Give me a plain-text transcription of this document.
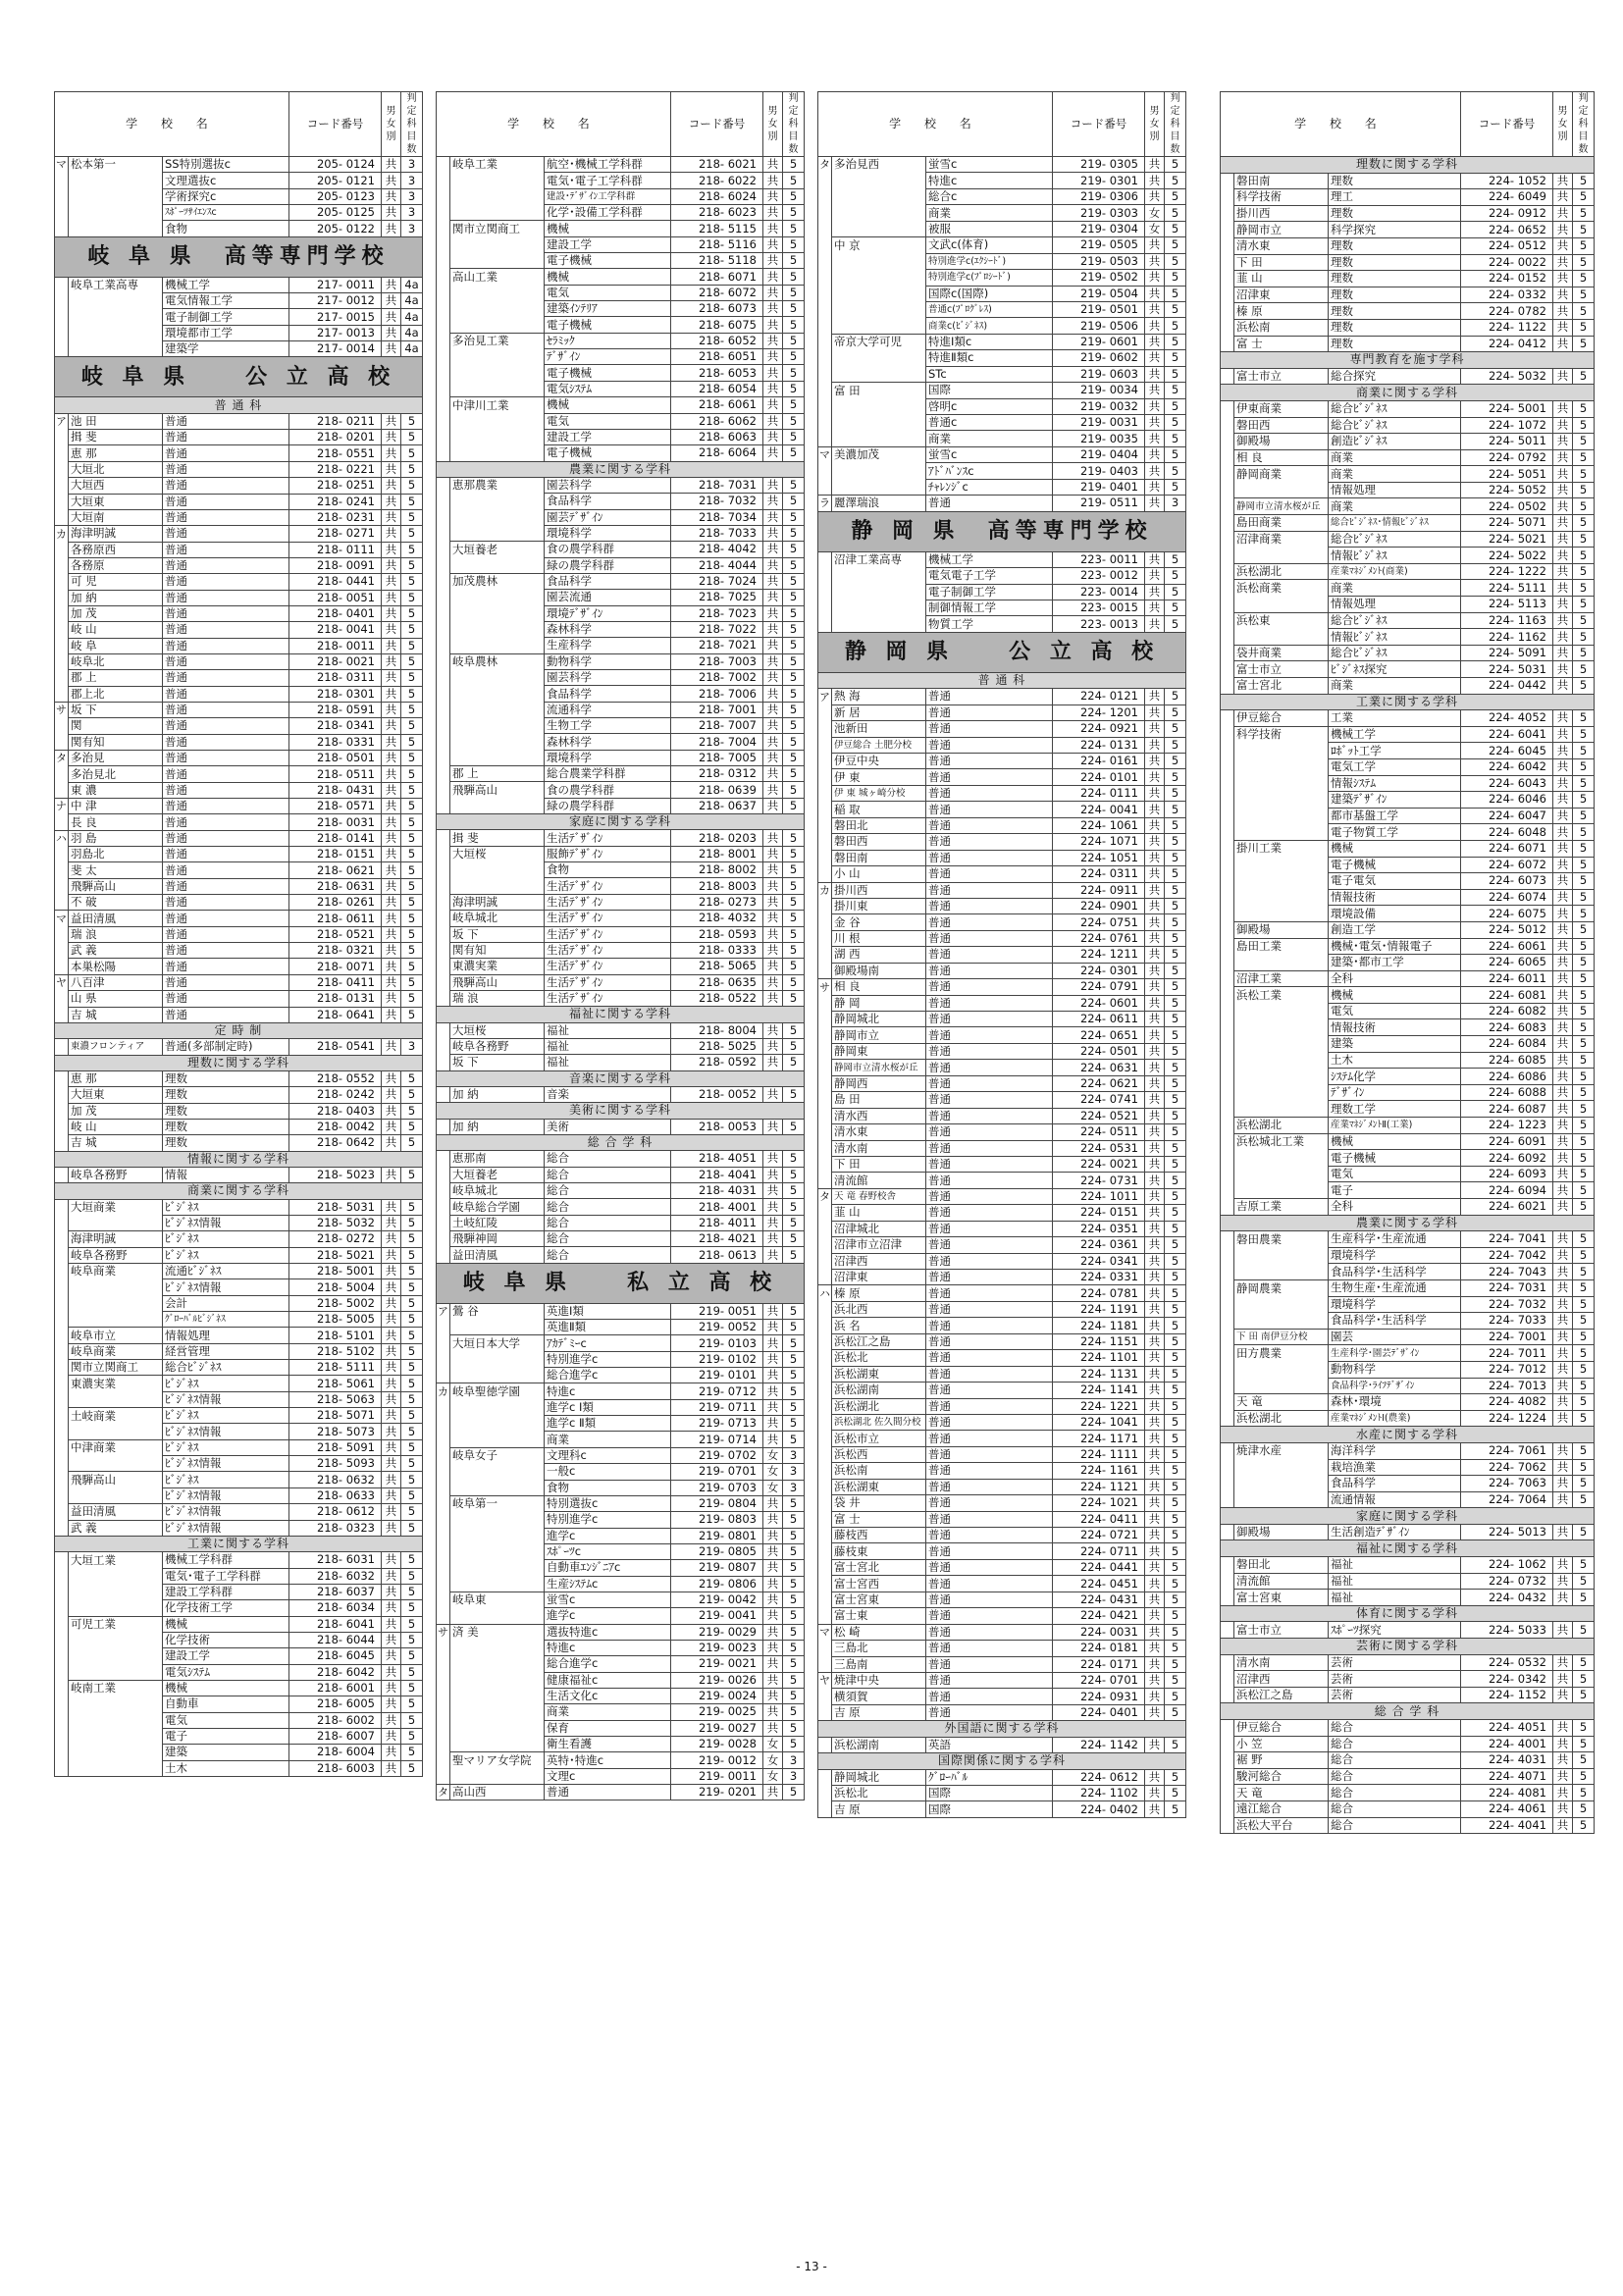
学 校 名			コード番号	男女別	判定科目数
マ	松本第一	SS特別選抜c	205- 0124	共	3
		文理選抜c	205- 0121	共	3
		学術探究c	205- 0123	共	3
		ｽﾎﾟｰﾂｻｲｴﾝｽc	205- 0125	共	3
		食物	205- 0122	共	3
岐 阜 県　高等専門学校					
	岐阜工業高専	機械工学	217- 0011	共	4a
		電気情報工学	217- 0012	共	4a
		電子制御工学	217- 0015	共	4a
		環境都市工学	217- 0013	共	4a
		建築学	217- 0014	共	4a
岐 阜 県　　公 立 高 校					
普 通 科					
ア	池 田	普通	218- 0211	共	5
	揖 斐	普通	218- 0201	共	5
	恵 那	普通	218- 0551	共	5
	大垣北	普通	218- 0221	共	5
	大垣西	普通	218- 0251	共	5
	大垣東	普通	218- 0241	共	5
	大垣南	普通	218- 0231	共	5
カ	海津明誠	普通	218- 0271	共	5
	各務原西	普通	218- 0111	共	5
	各務原	普通	218- 0091	共	5
	可 児	普通	218- 0441	共	5
	加 納	普通	218- 0051	共	5
	加 茂	普通	218- 0401	共	5
	岐 山	普通	218- 0041	共	5
	岐 阜	普通	218- 0011	共	5
	岐阜北	普通	218- 0021	共	5
	郡 上	普通	218- 0311	共	5
	郡上北	普通	218- 0301	共	5
サ	坂 下	普通	218- 0591	共	5
	関	普通	218- 0341	共	5
	関有知	普通	218- 0331	共	5
タ	多治見	普通	218- 0501	共	5
	多治見北	普通	218- 0511	共	5
	東 濃	普通	218- 0431	共	5
ナ	中 津	普通	218- 0571	共	5
	長 良	普通	218- 0031	共	5
ハ	羽 島	普通	218- 0141	共	5
	羽島北	普通	218- 0151	共	5
	斐 太	普通	218- 0621	共	5
	飛騨高山	普通	218- 0631	共	5
	不 破	普通	218- 0261	共	5
マ	益田清風	普通	218- 0611	共	5
	瑞 浪	普通	218- 0521	共	5
	武 義	普通	218- 0321	共	5
	本巣松陽	普通	218- 0071	共	5
ヤ	八百津	普通	218- 0411	共	5
	山 県	普通	218- 0131	共	5
	吉 城	普通	218- 0641	共	5
定 時 制					
	東濃フロンティア	普通(多部制定時)	218- 0541	共	3
理数に関する学科					
	恵 那	理数	218- 0552	共	5
	大垣東	理数	218- 0242	共	5
	加 茂	理数	218- 0403	共	5
	岐 山	理数	218- 0042	共	5
	吉 城	理数	218- 0642	共	5
情報に関する学科					
	岐阜各務野	情報	218- 5023	共	5
商業に関する学科					
	大垣商業	ﾋﾞｼﾞﾈｽ	218- 5031	共	5
		ﾋﾞｼﾞﾈｽ情報	218- 5032	共	5
	海津明誠	ﾋﾞｼﾞﾈｽ	218- 0272	共	5
	岐阜各務野	ﾋﾞｼﾞﾈｽ	218- 5021	共	5
	岐阜商業	流通ﾋﾞｼﾞﾈｽ	218- 5001	共	5
		ﾋﾞｼﾞﾈｽ情報	218- 5004	共	5
		会計	218- 5002	共	5
		ｸﾞﾛｰﾊﾞﾙﾋﾞｼﾞﾈｽ	218- 5005	共	5
	岐阜市立	情報処理	218- 5101	共	5
	岐阜商業	経営管理	218- 5102	共	5
	関市立関商工	総合ﾋﾞｼﾞﾈｽ	218- 5111	共	5
	東濃実業	ﾋﾞｼﾞﾈｽ	218- 5061	共	5
		ﾋﾞｼﾞﾈｽ情報	218- 5063	共	5
	土岐商業	ﾋﾞｼﾞﾈｽ	218- 5071	共	5
		ﾋﾞｼﾞﾈｽ情報	218- 5073	共	5
	中津商業	ﾋﾞｼﾞﾈｽ	218- 5091	共	5
		ﾋﾞｼﾞﾈｽ情報	218- 5093	共	5
	飛騨高山	ﾋﾞｼﾞﾈｽ	218- 0632	共	5
		ﾋﾞｼﾞﾈｽ情報	218- 0633	共	5
	益田清風	ﾋﾞｼﾞﾈｽ情報	218- 0612	共	5
	武 義	ﾋﾞｼﾞﾈｽ情報	218- 0323	共	5
工業に関する学科					
	大垣工業	機械工学科群	218- 6031	共	5
		電気･電子工学科群	218- 6032	共	5
		建設工学科群	218- 6037	共	5
		化学技術工学	218- 6034	共	5
	可児工業	機械	218- 6041	共	5
		化学技術	218- 6044	共	5
		建設工学	218- 6045	共	5
		電気ｼｽﾃﾑ	218- 6042	共	5
	岐南工業	機械	218- 6001	共	5
		自動車	218- 6005	共	5
		電気	218- 6002	共	5
		電子	218- 6007	共	5
		建築	218- 6004	共	5
		土木	218- 6003	共	5
学 校 名			コード番号	男女別	判定科目数
	岐阜工業	航空･機械工学科群	218- 6021	共	5
		電気･電子工学科群	218- 6022	共	5
		建設･ﾃﾞｻﾞｲﾝ工学科群	218- 6024	共	5
		化学･設備工学科群	218- 6023	共	5
	関市立関商工	機械	218- 5115	共	5
		建設工学	218- 5116	共	5
		電子機械	218- 5118	共	5
	高山工業	機械	218- 6071	共	5
		電気	218- 6072	共	5
		建築ｲﾝﾃﾘｱ	218- 6073	共	5
		電子機械	218- 6075	共	5
	多治見工業	ｾﾗﾐｯｸ	218- 6052	共	5
		ﾃﾞｻﾞｲﾝ	218- 6051	共	5
		電子機械	218- 6053	共	5
		電気ｼｽﾃﾑ	218- 6054	共	5
	中津川工業	機械	218- 6061	共	5
		電気	218- 6062	共	5
		建設工学	218- 6063	共	5
		電子機械	218- 6064	共	5
農業に関する学科					
	恵那農業	園芸科学	218- 7031	共	5
		食品科学	218- 7032	共	5
		園芸ﾃﾞｻﾞｲﾝ	218- 7034	共	5
		環境科学	218- 7033	共	5
	大垣養老	食の農学科群	218- 4042	共	5
		緑の農学科群	218- 4044	共	5
	加茂農林	食品科学	218- 7024	共	5
		園芸流通	218- 7025	共	5
		環境ﾃﾞｻﾞｲﾝ	218- 7023	共	5
		森林科学	218- 7022	共	5
		生産科学	218- 7021	共	5
	岐阜農林	動物科学	218- 7003	共	5
		園芸科学	218- 7002	共	5
		食品科学	218- 7006	共	5
		流通科学	218- 7001	共	5
		生物工学	218- 7007	共	5
		森林科学	218- 7004	共	5
		環境科学	218- 7005	共	5
	郡 上	総合農業学科群	218- 0312	共	5
	飛騨高山	食の農学科群	218- 0639	共	5
		緑の農学科群	218- 0637	共	5
家庭に関する学科					
	揖 斐	生活ﾃﾞｻﾞｲﾝ	218- 0203	共	5
	大垣桜	服飾ﾃﾞｻﾞｲﾝ	218- 8001	共	5
		食物	218- 8002	共	5
		生活ﾃﾞｻﾞｲﾝ	218- 8003	共	5
	海津明誠	生活ﾃﾞｻﾞｲﾝ	218- 0273	共	5
	岐阜城北	生活ﾃﾞｻﾞｲﾝ	218- 4032	共	5
	坂 下	生活ﾃﾞｻﾞｲﾝ	218- 0593	共	5
	関有知	生活ﾃﾞｻﾞｲﾝ	218- 0333	共	5
	東濃実業	生活ﾃﾞｻﾞｲﾝ	218- 5065	共	5
	飛騨高山	生活ﾃﾞｻﾞｲﾝ	218- 0635	共	5
	瑞 浪	生活ﾃﾞｻﾞｲﾝ	218- 0522	共	5
福祉に関する学科					
	大垣桜	福祉	218- 8004	共	5
	岐阜各務野	福祉	218- 5025	共	5
	坂 下	福祉	218- 0592	共	5
音楽に関する学科					
	加 納	音楽	218- 0052	共	5
美術に関する学科					
	加 納	美術	218- 0053	共	5
総 合 学 科					
	恵那南	総合	218- 4051	共	5
	大垣養老	総合	218- 4041	共	5
	岐阜城北	総合	218- 4031	共	5
	岐阜総合学園	総合	218- 4001	共	5
	土岐紅陵	総合	218- 4011	共	5
	飛騨神岡	総合	218- 4021	共	5
	益田清風	総合	218- 0613	共	5
岐 阜 県　　私 立 高 校					
ア	鶯 谷	英進Ⅰ類	219- 0051	共	5
		英進Ⅱ類	219- 0052	共	5
	大垣日本大学	ｱｶﾃﾞﾐｰc	219- 0103	共	5
		特別進学c	219- 0102	共	5
		総合進学c	219- 0101	共	5
カ	岐阜聖徳学園	特進c	219- 0712	共	5
		進学c Ⅰ類	219- 0711	共	5
		進学c Ⅱ類	219- 0713	共	5
		商業	219- 0714	共	5
	岐阜女子	文理科c	219- 0702	女	3
		一般c	219- 0701	女	3
		食物	219- 0703	女	3
	岐阜第一	特別選抜c	219- 0804	共	5
		特別進学c	219- 0803	共	5
		進学c	219- 0801	共	5
		ｽﾎﾟｰﾂc	219- 0805	共	5
		自動車ｴﾝｼﾞﾆｱc	219- 0807	共	5
		生産ｼｽﾃﾑc	219- 0806	共	5
	岐阜東	蛍雪c	219- 0042	共	5
		進学c	219- 0041	共	5
サ	済 美	選抜特進c	219- 0029	共	5
		特進c	219- 0023	共	5
		総合進学c	219- 0021	共	5
		健康福祉c	219- 0026	共	5
		生活文化c	219- 0024	共	5
		商業	219- 0025	共	5
		保育	219- 0027	共	5
		衛生看護	219- 0028	女	5
	聖マリア女学院	英特･特進c	219- 0012	女	3
		文理c	219- 0011	女	3
タ	高山西	普通	219- 0201	共	5
学 校 名			コード番号	男女別	判定科目数
タ	多治見西	蛍雪c	219- 0305	共	5
		特進c	219- 0301	共	5
		総合c	219- 0306	共	5
		商業	219- 0303	女	5
		被服	219- 0304	女	5
	中 京	文武c(体育)	219- 0505	共	5
		特別進学c(ｴｸｼｰﾄﾞ)	219- 0503	共	5
		特別進学c(ﾌﾟﾛｼｰﾄﾞ)	219- 0502	共	5
		国際c(国際)	219- 0504	共	5
		普通c(ﾌﾟﾛｸﾞﾚｽ)	219- 0501	共	5
		商業c(ﾋﾞｼﾞﾈｽ)	219- 0506	共	5
	帝京大学可児	特進Ⅰ類c	219- 0601	共	5
		特進Ⅱ類c	219- 0602	共	5
		STc	219- 0603	共	5
	富 田	国際	219- 0034	共	5
		啓明c	219- 0032	共	5
		普通c	219- 0031	共	5
		商業	219- 0035	共	5
マ	美濃加茂	蛍雪c	219- 0404	共	5
		ｱﾄﾞﾊﾞﾝｽc	219- 0403	共	5
		ﾁｬﾚﾝｼﾞc	219- 0401	共	5
ラ	麗澤瑞浪	普通	219- 0511	共	3
静 岡 県　高等専門学校					
	沼津工業高専	機械工学	223- 0011	共	5
		電気電子工学	223- 0012	共	5
		電子制御工学	223- 0014	共	5
		制御情報工学	223- 0015	共	5
		物質工学	223- 0013	共	5
静 岡 県　　公 立 高 校					
普 通 科					
ア	熱 海	普通	224- 0121	共	5
	新 居	普通	224- 1201	共	5
	池新田	普通	224- 0921	共	5
	伊豆総合 土肥分校	普通	224- 0131	共	5
	伊豆中央	普通	224- 0161	共	5
	伊 東	普通	224- 0101	共	5
	伊 東 城ヶ崎分校	普通	224- 0111	共	5
	稲 取	普通	224- 0041	共	5
	磐田北	普通	224- 1061	共	5
	磐田西	普通	224- 1071	共	5
	磐田南	普通	224- 1051	共	5
	小 山	普通	224- 0311	共	5
カ	掛川西	普通	224- 0911	共	5
	掛川東	普通	224- 0901	共	5
	金 谷	普通	224- 0751	共	5
	川 根	普通	224- 0761	共	5
	湖 西	普通	224- 1211	共	5
	御殿場南	普通	224- 0301	共	5
サ	相 良	普通	224- 0791	共	5
	静 岡	普通	224- 0601	共	5
	静岡城北	普通	224- 0611	共	5
	静岡市立	普通	224- 0651	共	5
	静岡東	普通	224- 0501	共	5
	静岡市立清水桜が丘	普通	224- 0631	共	5
	静岡西	普通	224- 0621	共	5
	島 田	普通	224- 0741	共	5
	清水西	普通	224- 0521	共	5
	清水東	普通	224- 0511	共	5
	清水南	普通	224- 0531	共	5
	下 田	普通	224- 0021	共	5
	清流館	普通	224- 0731	共	5
タ	天 竜 春野校舎	普通	224- 1011	共	5
	韮 山	普通	224- 0151	共	5
	沼津城北	普通	224- 0351	共	5
	沼津市立沼津	普通	224- 0361	共	5
	沼津西	普通	224- 0341	共	5
	沼津東	普通	224- 0331	共	5
ハ	榛 原	普通	224- 0781	共	5
	浜北西	普通	224- 1191	共	5
	浜 名	普通	224- 1181	共	5
	浜松江之島	普通	224- 1151	共	5
	浜松北	普通	224- 1101	共	5
	浜松湖東	普通	224- 1131	共	5
	浜松湖南	普通	224- 1141	共	5
	浜松湖北	普通	224- 1221	共	5
	浜松湖北 佐久間分校	普通	224- 1041	共	5
	浜松市立	普通	224- 1171	共	5
	浜松西	普通	224- 1111	共	5
	浜松南	普通	224- 1161	共	5
	浜松湖東	普通	224- 1121	共	5
	袋 井	普通	224- 1021	共	5
	富 士	普通	224- 0411	共	5
	藤枝西	普通	224- 0721	共	5
	藤枝東	普通	224- 0711	共	5
	富士宮北	普通	224- 0441	共	5
	富士宮西	普通	224- 0451	共	5
	富士宮東	普通	224- 0431	共	5
	富士東	普通	224- 0421	共	5
マ	松 崎	普通	224- 0031	共	5
	三島北	普通	224- 0181	共	5
	三島南	普通	224- 0171	共	5
ヤ	焼津中央	普通	224- 0701	共	5
	横須賀	普通	224- 0931	共	5
	吉 原	普通	224- 0401	共	5
外国語に関する学科					
	浜松湖南	英語	224- 1142	共	5
国際関係に関する学科					
	静岡城北	ｸﾞﾛｰﾊﾞﾙ	224- 0612	共	5
	浜松北	国際	224- 1102	共	5
	吉 原	国際	224- 0402	共	5
学 校 名			コード番号	男女別	判定科目数
理数に関する学科					
	磐田南	理数	224- 1052	共	5
	科学技術	理工	224- 6049	共	5
	掛川西	理数	224- 0912	共	5
	静岡市立	科学探究	224- 0652	共	5
	清水東	理数	224- 0512	共	5
	下 田	理数	224- 0022	共	5
	韮 山	理数	224- 0152	共	5
	沼津東	理数	224- 0332	共	5
	榛 原	理数	224- 0782	共	5
	浜松南	理数	224- 1122	共	5
	富 士	理数	224- 0412	共	5
専門教育を施す学科					
	富士市立	総合探究	224- 5032	共	5
商業に関する学科					
	伊東商業	総合ﾋﾞｼﾞﾈｽ	224- 5001	共	5
	磐田西	総合ﾋﾞｼﾞﾈｽ	224- 1072	共	5
	御殿場	創造ﾋﾞｼﾞﾈｽ	224- 5011	共	5
	相 良	商業	224- 0792	共	5
	静岡商業	商業	224- 5051	共	5
		情報処理	224- 5052	共	5
	静岡市立清水桜が丘	商業	224- 0502	共	5
	島田商業	総合ﾋﾞｼﾞﾈｽ･情報ﾋﾞｼﾞﾈｽ	224- 5071	共	5
	沼津商業	総合ﾋﾞｼﾞﾈｽ	224- 5021	共	5
		情報ﾋﾞｼﾞﾈｽ	224- 5022	共	5
	浜松湖北	産業ﾏﾈｼﾞﾒﾝﾄ(商業)	224- 1222	共	5
	浜松商業	商業	224- 5111	共	5
		情報処理	224- 5113	共	5
	浜松東	総合ﾋﾞｼﾞﾈｽ	224- 1163	共	5
		情報ﾋﾞｼﾞﾈｽ	224- 1162	共	5
	袋井商業	総合ﾋﾞｼﾞﾈｽ	224- 5091	共	5
	富士市立	ﾋﾞｼﾞﾈｽ探究	224- 5031	共	5
	富士宮北	商業	224- 0442	共	5
工業に関する学科					
	伊豆総合	工業	224- 4052	共	5
	科学技術	機械工学	224- 6041	共	5
		ﾛﾎﾞｯﾄ工学	224- 6045	共	5
		電気工学	224- 6042	共	5
		情報ｼｽﾃﾑ	224- 6043	共	5
		建築ﾃﾞｻﾞｲﾝ	224- 6046	共	5
		都市基盤工学	224- 6047	共	5
		電子物質工学	224- 6048	共	5
	掛川工業	機械	224- 6071	共	5
		電子機械	224- 6072	共	5
		電子電気	224- 6073	共	5
		情報技術	224- 6074	共	5
		環境設備	224- 6075	共	5
	御殿場	創造工学	224- 5012	共	5
	島田工業	機械･電気･情報電子	224- 6061	共	5
		建築･都市工学	224- 6065	共	5
	沼津工業	全科	224- 6011	共	5
	浜松工業	機械	224- 6081	共	5
		電気	224- 6082	共	5
		情報技術	224- 6083	共	5
		建築	224- 6084	共	5
		土木	224- 6085	共	5
		ｼｽﾃﾑ化学	224- 6086	共	5
		ﾃﾞｻﾞｲﾝ	224- 6088	共	5
		理数工学	224- 6087	共	5
	浜松湖北	産業ﾏﾈｼﾞﾒﾝﾄⅡ(工業)	224- 1223	共	5
	浜松城北工業	機械	224- 6091	共	5
		電子機械	224- 6092	共	5
		電気	224- 6093	共	5
		電子	224- 6094	共	5
	吉原工業	全科	224- 6021	共	5
農業に関する学科					
	磐田農業	生産科学･生産流通	224- 7041	共	5
		環境科学	224- 7042	共	5
		食品科学･生活科学	224- 7043	共	5
	静岡農業	生物生産･生産流通	224- 7031	共	5
		環境科学	224- 7032	共	5
		食品科学･生活科学	224- 7033	共	5
	下 田 南伊豆分校	園芸	224- 7001	共	5
	田方農業	生産科学･園芸ﾃﾞｻﾞｲﾝ	224- 7011	共	5
		動物科学	224- 7012	共	5
		食品科学･ﾗｲﾌﾃﾞｻﾞｲﾝ	224- 7013	共	5
	天 竜	森林･環境	224- 4082	共	5
	浜松湖北	産業ﾏﾈｼﾞﾒﾝﾄⅠ(農業)	224- 1224	共	5
水産に関する学科					
	焼津水産	海洋科学	224- 7061	共	5
		栽培漁業	224- 7062	共	5
		食品科学	224- 7063	共	5
		流通情報	224- 7064	共	5
家庭に関する学科					
	御殿場	生活創造ﾃﾞｻﾞｲﾝ	224- 5013	共	5
福祉に関する学科					
	磐田北	福祉	224- 1062	共	5
	清流館	福祉	224- 0732	共	5
	富士宮東	福祉	224- 0432	共	5
体育に関する学科					
	富士市立	ｽﾎﾟｰﾂ探究	224- 5033	共	5
芸術に関する学科					
	清水南	芸術	224- 0532	共	5
	沼津西	芸術	224- 0342	共	5
	浜松江之島	芸術	224- 1152	共	5
総 合 学 科					
	伊豆総合	総合	224- 4051	共	5
	小 笠	総合	224- 4001	共	5
	裾 野	総合	224- 4031	共	5
	駿河総合	総合	224- 4071	共	5
	天 竜	総合	224- 4081	共	5
	遠江総合	総合	224- 4061	共	5
	浜松大平台	総合	224- 4041	共	5
- 13 -
